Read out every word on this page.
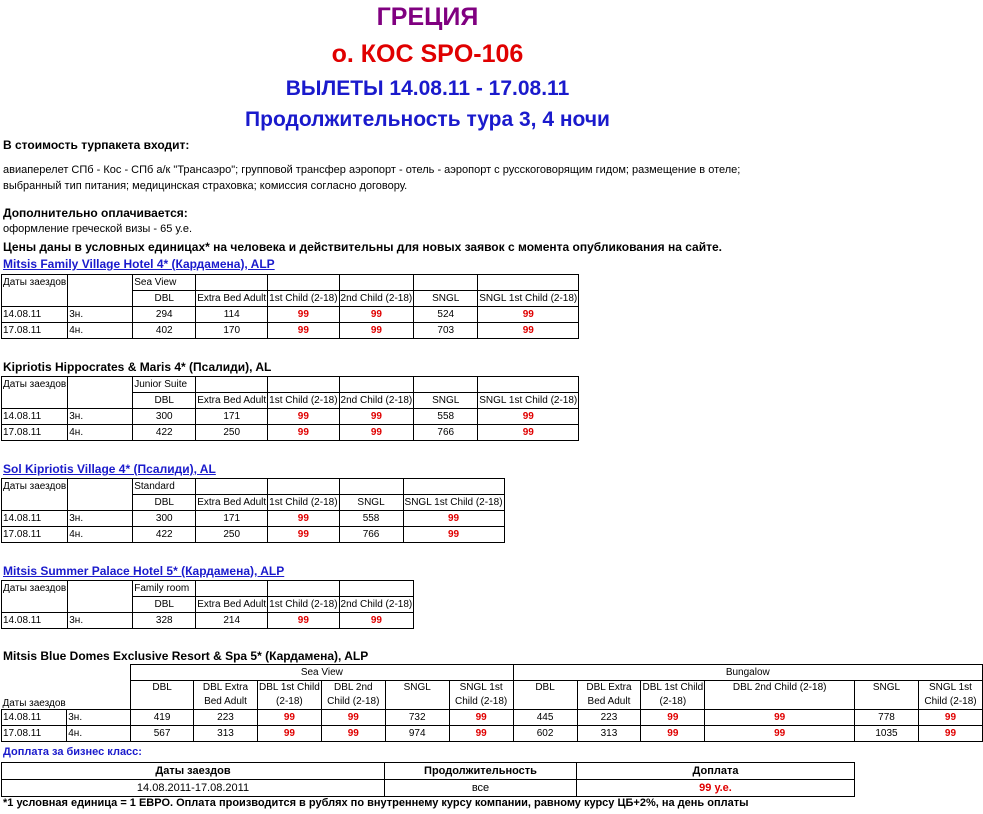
ГРЕЦИЯ
о. КОС SPO-106
ВЫЛЕТЫ 14.08.11 - 17.08.11
Продолжительность тура 3, 4 ночи
В стоимость турпакета входит:
авиаперелет СПб - Кос - СПб а/к "Трансаэро"; групповой трансфер аэропорт - отель - аэропорт с русскоговорящим гидом; размещение в отеле;
выбранный тип питания; медицинская страховка; комиссия согласно договору.
Дополнительно оплачивается:
оформление греческой визы - 65 у.е.
Цены даны в условных единицах* на человека и действительны для новых заявок с момента опубликования на сайте.
Mitsis Family Village Hotel 4* (Кардамена), ALP
Даты заездов		Sea View					
		DBL	Extra Bed Adult	1st Child (2-18)	2nd Child (2-18)	SNGL	SNGL 1st Child (2-18)
14.08.11	3н.	294	114	99	99	524	99
17.08.11	4н.	402	170	99	99	703	99
Kipriotis Hippocrates & Maris 4* (Псалиди), AL
Даты заездов		Junior Suite					
		DBL	Extra Bed Adult	1st Child (2-18)	2nd Child (2-18)	SNGL	SNGL 1st Child (2-18)
14.08.11	3н.	300	171	99	99	558	99
17.08.11	4н.	422	250	99	99	766	99
Sol Kipriotis Village 4* (Псалиди), AL
Даты заездов		Standard				
		DBL	Extra Bed Adult	1st Child (2-18)	SNGL	SNGL 1st Child (2-18)
14.08.11	3н.	300	171	99	558	99
17.08.11	4н.	422	250	99	766	99
Mitsis Summer Palace Hotel 5* (Кардамена), ALP
Даты заездов		Family room			
		DBL	Extra Bed Adult	1st Child (2-18)	2nd Child (2-18)
14.08.11	3н.	328	214	99	99
Mitsis Blue Domes Exclusive Resort & Spa 5* (Кардамена), ALP
		Sea View						Bungalow					
Даты заездов		DBL	DBL Extra Bed Adult	DBL 1st Child (2-18)	DBL 2nd Child (2-18)	SNGL	SNGL 1st Child (2-18)	DBL	DBL Extra Bed Adult	DBL 1st Child (2-18)	DBL 2nd Child (2-18)	SNGL	SNGL 1st Child (2-18)
14.08.11	3н.	419	223	99	99	732	99	445	223	99	99	778	99
17.08.11	4н.	567	313	99	99	974	99	602	313	99	99	1035	99
Доплата за бизнес класс:
Даты заездов	Продолжительность	Доплата
14.08.2011-17.08.2011	все	99 у.е.
*1 условная единица = 1 ЕВРО. Оплата производится в рублях по внутреннему курсу компании, равному курсу ЦБ+2%, на день оплаты
